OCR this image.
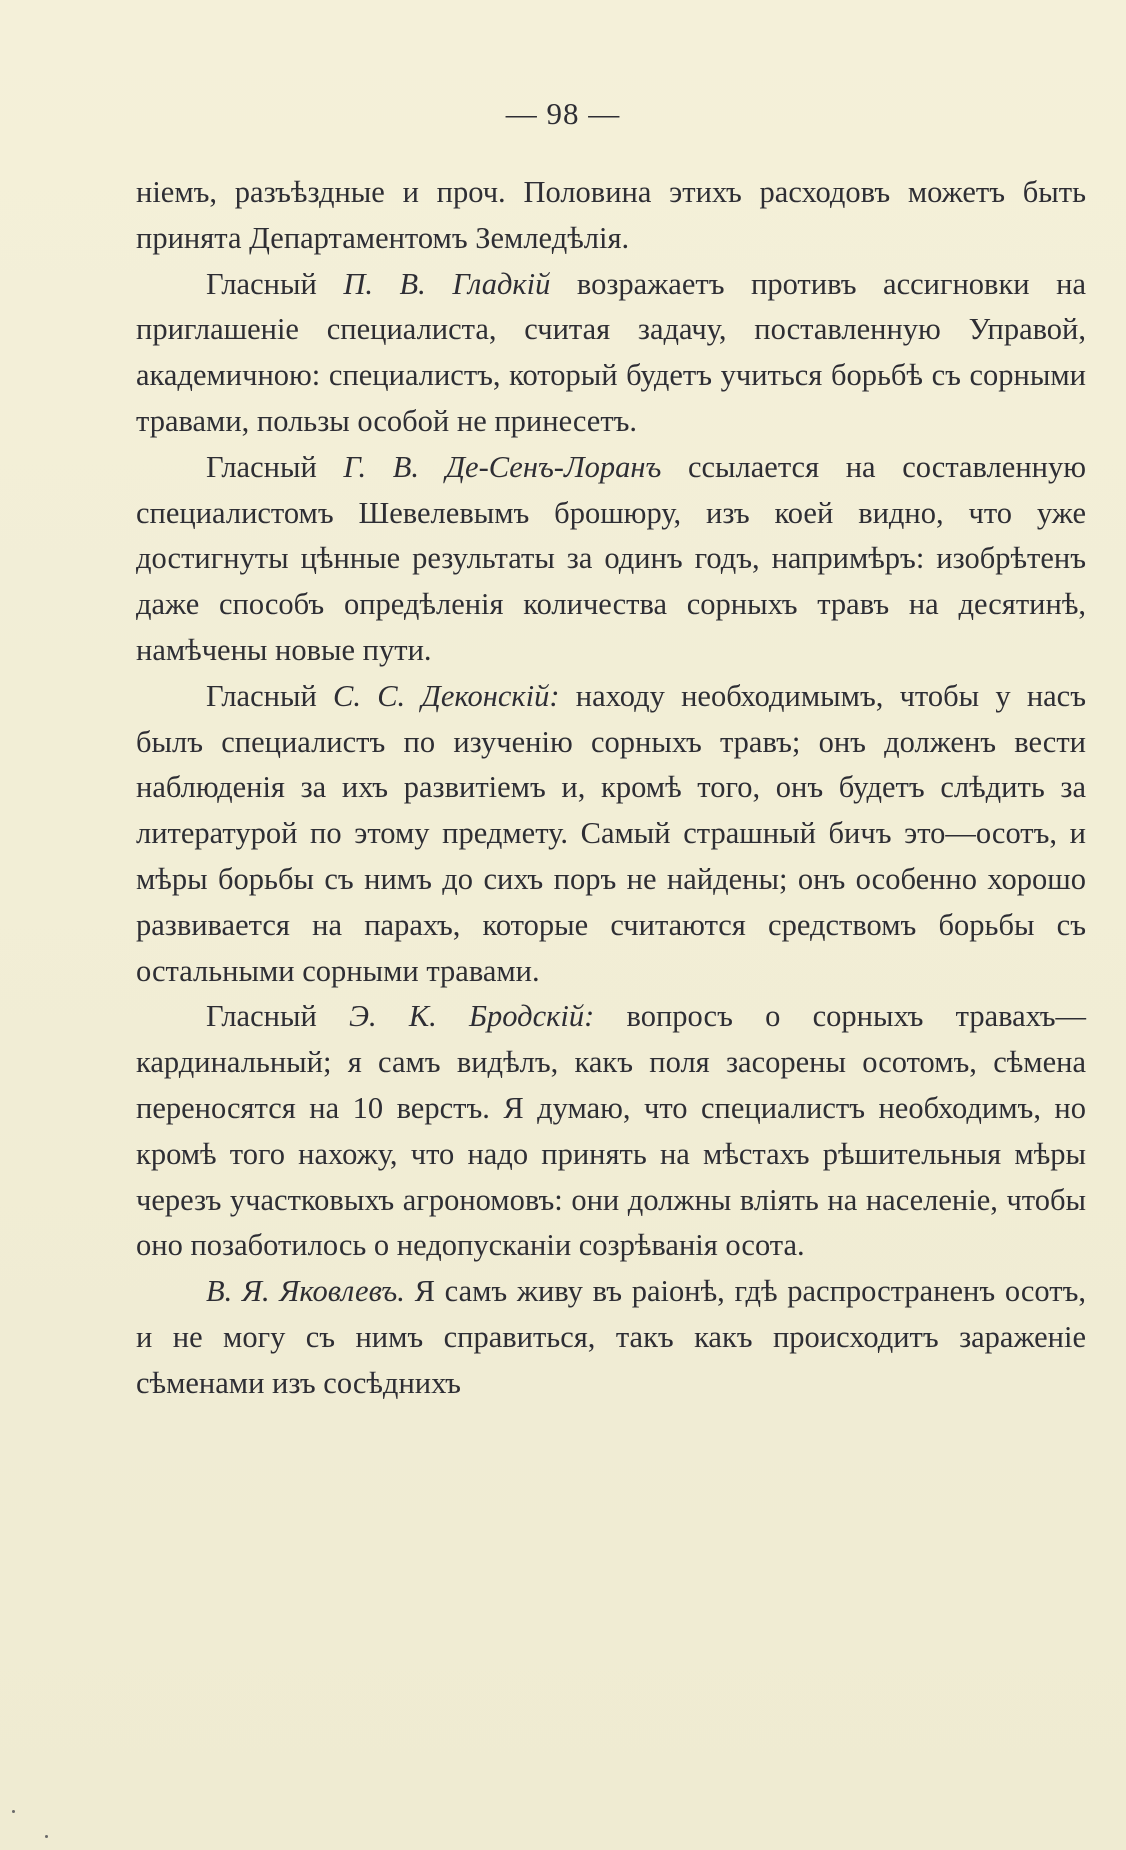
— 98 —

ніемъ, разъѣздные и проч. Половина этихъ расходовъ можетъ быть принята Департаментомъ Земледѣлія.

Гласный П. В. Гладкій возражаетъ противъ ассигновки на приглашеніе специалиста, считая задачу, поставленную Управой, академичною: специалистъ, который будетъ учиться борьбѣ съ сорными травами, пользы особой не принесетъ.

Гласный Г. В. Де-Сенъ-Лоранъ ссылается на составленную специалистомъ Шевелевымъ брошюру, изъ коей видно, что уже достигнуты цѣнные результаты за одинъ годъ, напримѣръ: изобрѣтенъ даже способъ опредѣленія количества сорныхъ травъ на десятинѣ, намѣчены новые пути.

Гласный С. С. Деконскій: находу необходимымъ, чтобы у насъ былъ специалистъ по изученію сорныхъ травъ; онъ долженъ вести наблюденія за ихъ развитіемъ и, кромѣ того, онъ будетъ слѣдить за литературой по этому предмету. Самый страшный бичъ это—осотъ, и мѣры борьбы съ нимъ до сихъ поръ не найдены; онъ особенно хорошо развивается на парахъ, которые считаются средствомъ борьбы съ остальными сорными травами.

Гласный Э. К. Бродскій: вопросъ о сорныхъ травахъ—кардинальный; я самъ видѣлъ, какъ поля засорены осотомъ, сѣмена переносятся на 10 верстъ. Я думаю, что специалистъ необходимъ, но кромѣ того нахожу, что надо принять на мѣстахъ рѣшительныя мѣры черезъ участковыхъ агрономовъ: они должны вліять на населеніе, чтобы оно позаботилось о недопусканіи созрѣванія осота.

В. Я. Яковлевъ. Я самъ живу въ раіонѣ, гдѣ распространенъ осотъ, и не могу съ нимъ справиться, такъ какъ происходитъ зараженіе сѣменами изъ сосѣднихъ
